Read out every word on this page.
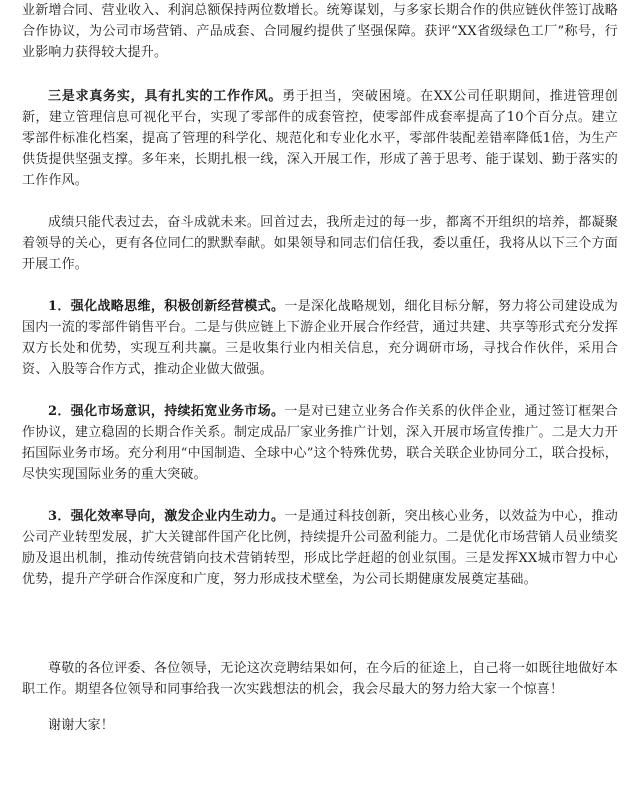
业新增合同、营业收入、利润总额保持两位数增长。统筹谋划，与多家长期合作的供应链伙伴签订战略合作协议，为公司市场营销、产品成套、合同履约提供了坚强保障。获评“XX省级绿色工厂”称号，行业影响力获得较大提升。

三是求真务实，具有扎实的工作作风。勇于担当，突破困境。在XX公司任职期间，推进管理创新，建立管理信息可视化平台，实现了零部件的成套管控，使零部件成套率提高了10个百分点。建立零部件标准化档案，提高了管理的科学化、规范化和专业化水平，零部件装配差错率降低1倍，为生产供货提供坚强支撑。多年来，长期扎根一线，深入开展工作，形成了善于思考、能于谋划、勤于落实的工作作风。

成绩只能代表过去，奋斗成就未来。回首过去，我所走过的每一步，都离不开组织的培养，都凝聚着领导的关心，更有各位同仁的默默奉献。如果领导和同志们信任我，委以重任，我将从以下三个方面开展工作。

1．强化战略思维，积极创新经营模式。一是深化战略规划，细化目标分解，努力将公司建设成为国内一流的零部件销售平台。二是与供应链上下游企业开展合作经营，通过共建、共享等形式充分发挥双方长处和优势，实现互利共赢。三是收集行业内相关信息，充分调研市场，寻找合作伙伴，采用合资、入股等合作方式，推动企业做大做强。

2．强化市场意识，持续拓宽业务市场。一是对已建立业务合作关系的伙伴企业，通过签订框架合作协议，建立稳固的长期合作关系。制定成品厂家业务推广计划，深入开展市场宣传推广。二是大力开拓国际业务市场。充分利用“中国制造、全球中心”这个特殊优势，联合关联企业协同分工，联合投标，尽快实现国际业务的重大突破。

3．强化效率导向，激发企业内生动力。一是通过科技创新，突出核心业务，以效益为中心，推动公司产业转型发展，扩大关键部件国产化比例，持续提升公司盈利能力。二是优化市场营销人员业绩奖励及退出机制，推动传统营销向技术营销转型，形成比学赶超的创业氛围。三是发挥XX城市智力中心优势，提升产学研合作深度和广度，努力形成技术壁垒，为公司长期健康发展奠定基础。

尊敬的各位评委、各位领导，无论这次竞聘结果如何，在今后的征途上，自己将一如既往地做好本职工作。期望各位领导和同事给我一次实践想法的机会，我会尽最大的努力给大家一个惊喜！

谢谢大家！
